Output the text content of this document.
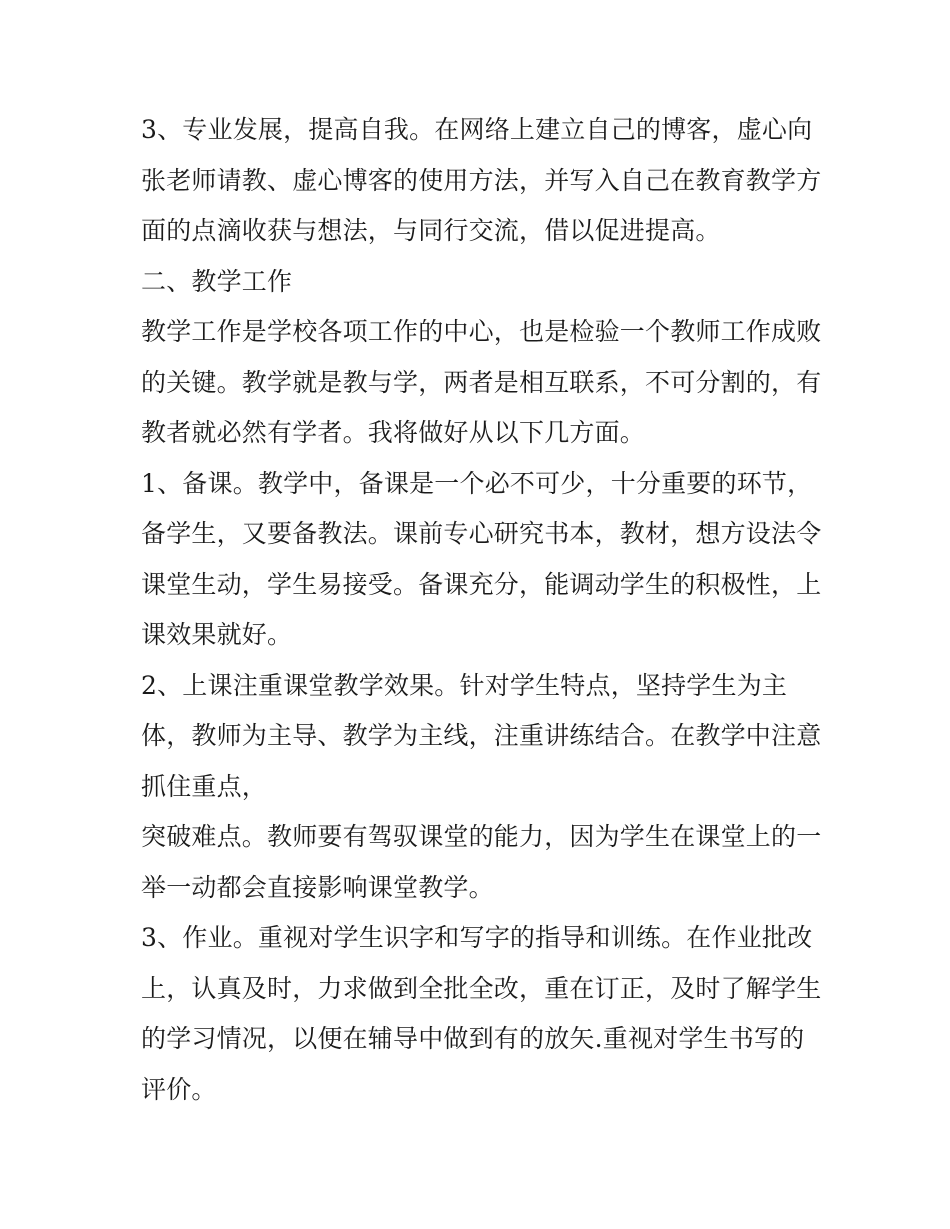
3、专业发展，提高自我。在网络上建立自己的博客，虚心向
张老师请教、虚心博客的使用方法，并写入自己在教育教学方
面的点滴收获与想法，与同行交流，借以促进提高。
二、教学工作
教学工作是学校各项工作的中心，也是检验一个教师工作成败
的关键。教学就是教与学，两者是相互联系，不可分割的，有
教者就必然有学者。我将做好从以下几方面。
1、备课。教学中，备课是一个必不可少，十分重要的环节，
备学生，又要备教法。课前专心研究书本，教材，想方设法令
课堂生动，学生易接受。备课充分，能调动学生的积极性，上
课效果就好。
2、上课注重课堂教学效果。针对学生特点，坚持学生为主
体，教师为主导、教学为主线，注重讲练结合。在教学中注意
抓住重点，
突破难点。教师要有驾驭课堂的能力，因为学生在课堂上的一
举一动都会直接影响课堂教学。
3、作业。重视对学生识字和写字的指导和训练。在作业批改
上，认真及时，力求做到全批全改，重在订正，及时了解学生
的学习情况，以便在辅导中做到有的放矢.重视对学生书写的
评价。
